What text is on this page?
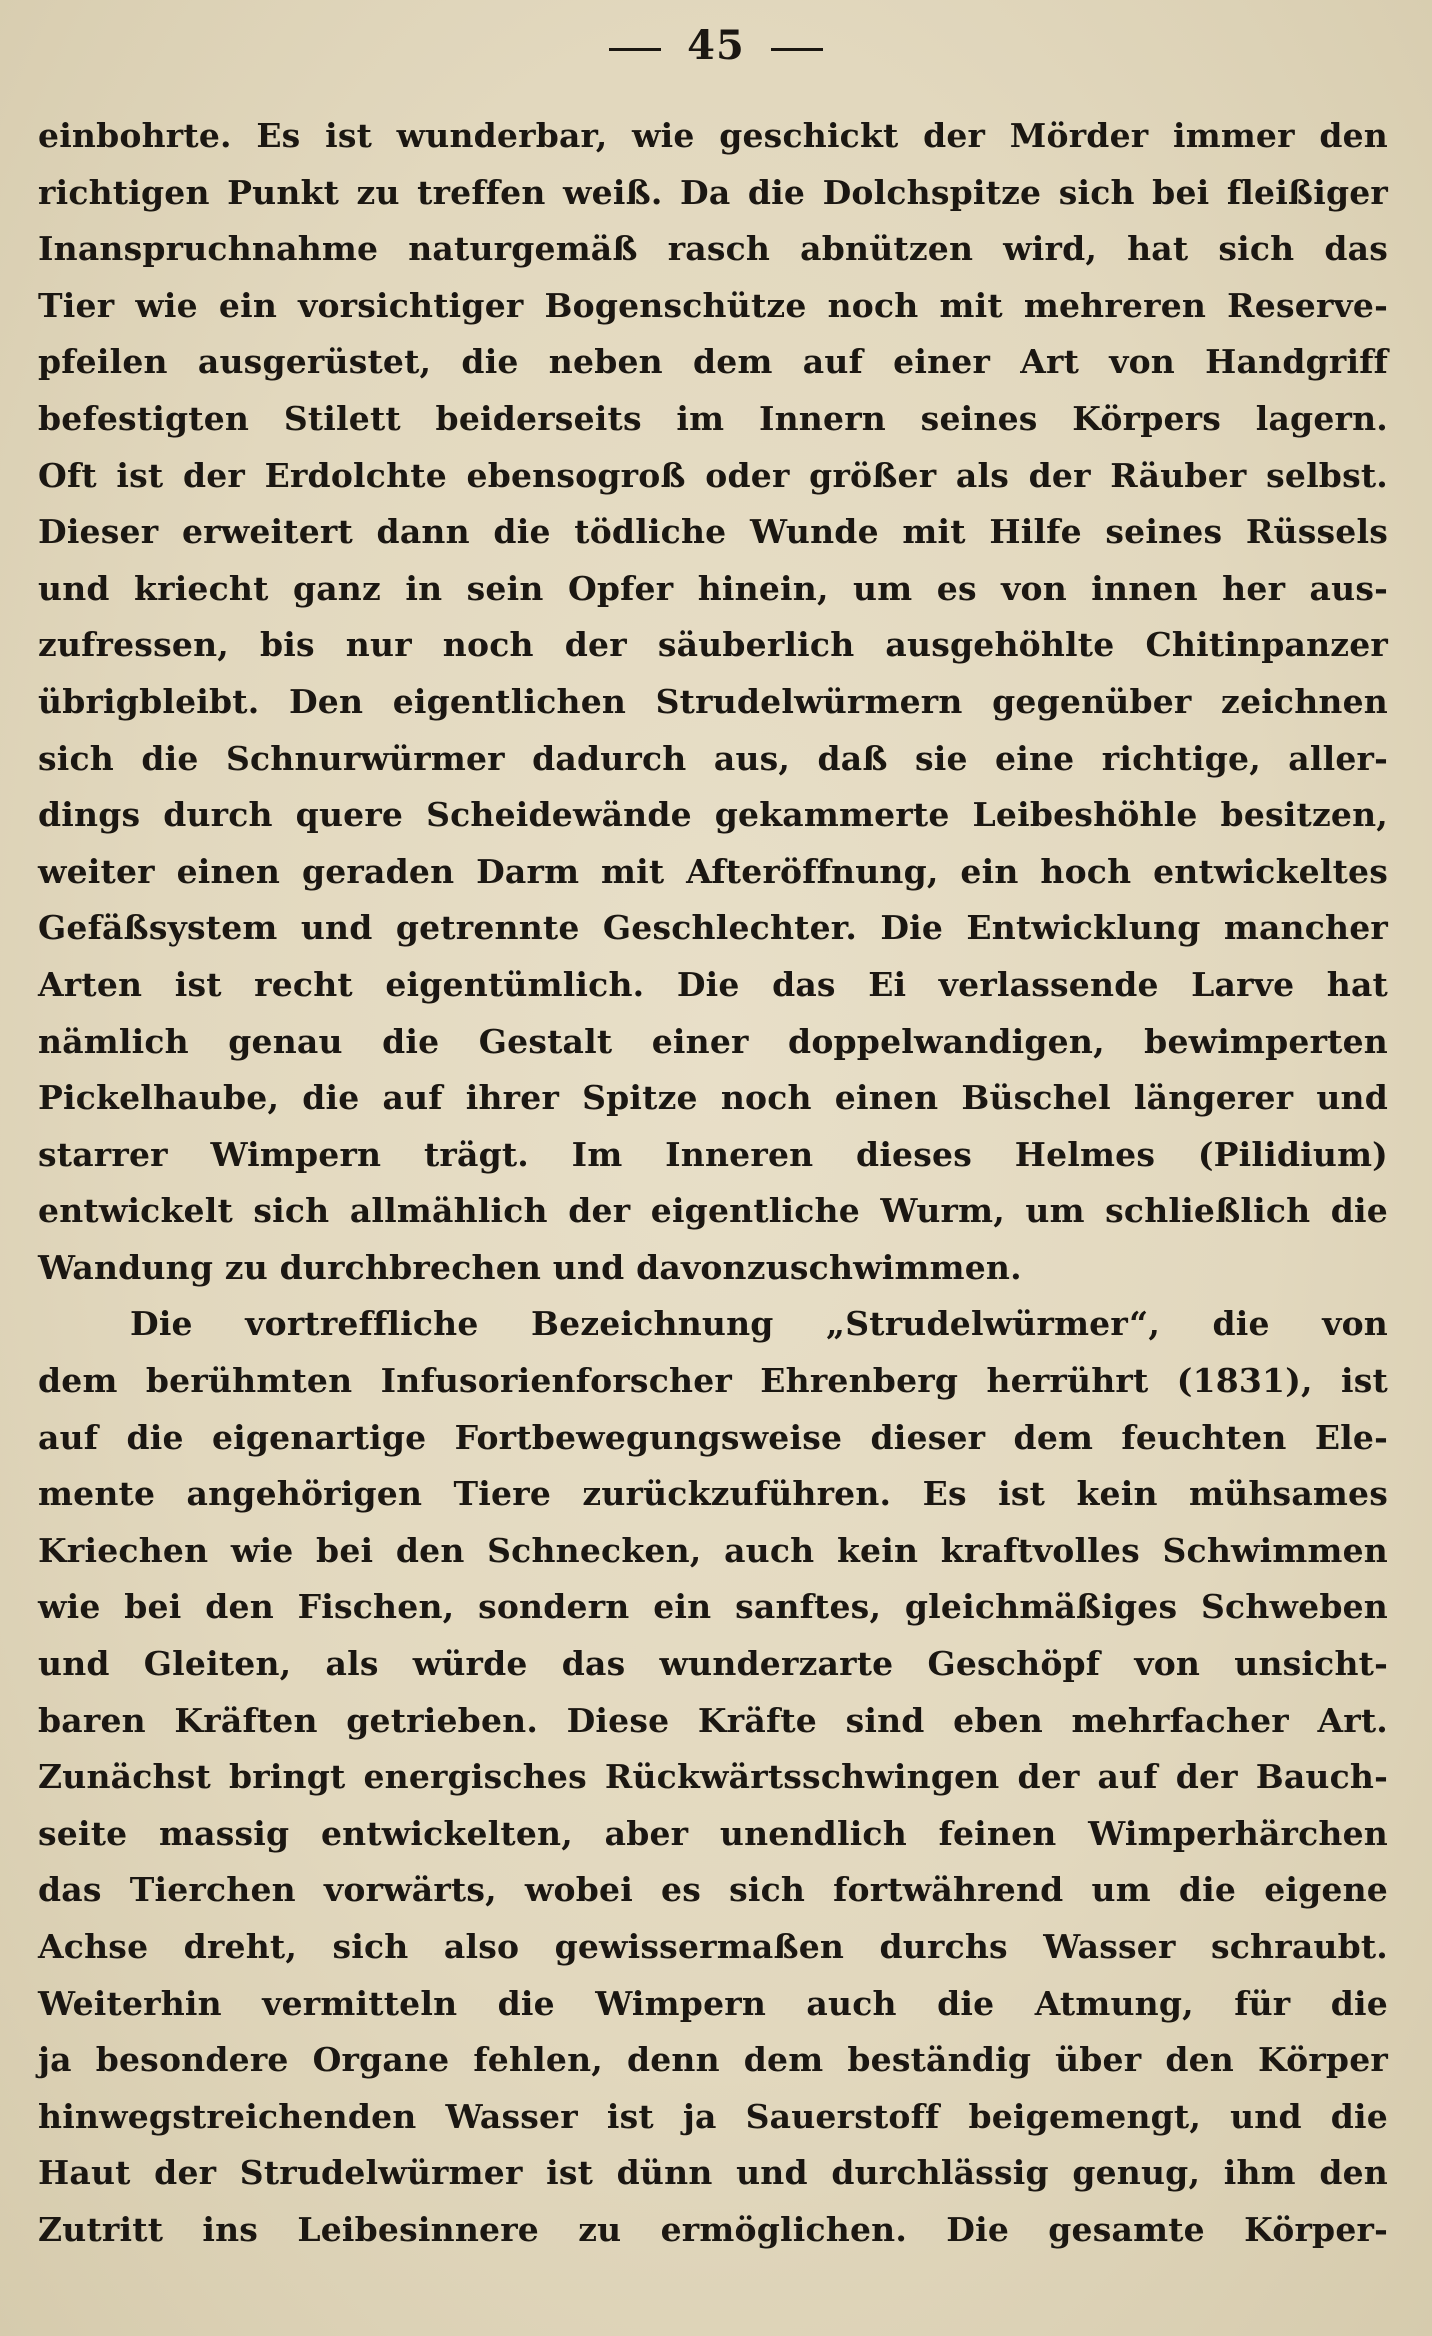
45
einbohrte. Es ist wunderbar, wie geschickt der Mörder immer den
richtigen Punkt zu treffen weiß. Da die Dolchspitze sich bei fleißiger
Inanspruchnahme naturgemäß rasch abnützen wird, hat sich das
Tier wie ein vorsichtiger Bogenschütze noch mit mehreren Reserve-
pfeilen ausgerüstet, die neben dem auf einer Art von Handgriff
befestigten Stilett beiderseits im Innern seines Körpers lagern.
Oft ist der Erdolchte ebensogroß oder größer als der Räuber selbst.
Dieser erweitert dann die tödliche Wunde mit Hilfe seines Rüssels
und kriecht ganz in sein Opfer hinein, um es von innen her aus-
zufressen, bis nur noch der säuberlich ausgehöhlte Chitinpanzer
übrigbleibt. Den eigentlichen Strudelwürmern gegenüber zeichnen
sich die Schnurwürmer dadurch aus, daß sie eine richtige, aller-
dings durch quere Scheidewände gekammerte Leibeshöhle besitzen,
weiter einen geraden Darm mit Afteröffnung, ein hoch entwickeltes
Gefäßsystem und getrennte Geschlechter. Die Entwicklung mancher
Arten ist recht eigentümlich. Die das Ei verlassende Larve hat
nämlich genau die Gestalt einer doppelwandigen, bewimperten
Pickelhaube, die auf ihrer Spitze noch einen Büschel längerer und
starrer Wimpern trägt. Im Inneren dieses Helmes (Pilidium)
entwickelt sich allmählich der eigentliche Wurm, um schließlich die
Wandung zu durchbrechen und davonzuschwimmen.
Die vortreffliche Bezeichnung „Strudelwürmer“, die von
dem berühmten Infusorienforscher Ehrenberg herrührt (1831), ist
auf die eigenartige Fortbewegungsweise dieser dem feuchten Ele-
mente angehörigen Tiere zurückzuführen. Es ist kein mühsames
Kriechen wie bei den Schnecken, auch kein kraftvolles Schwimmen
wie bei den Fischen, sondern ein sanftes, gleichmäßiges Schweben
und Gleiten, als würde das wunderzarte Geschöpf von unsicht-
baren Kräften getrieben. Diese Kräfte sind eben mehrfacher Art.
Zunächst bringt energisches Rückwärtsschwingen der auf der Bauch-
seite massig entwickelten, aber unendlich feinen Wimperhärchen
das Tierchen vorwärts, wobei es sich fortwährend um die eigene
Achse dreht, sich also gewissermaßen durchs Wasser schraubt.
Weiterhin vermitteln die Wimpern auch die Atmung, für die
ja besondere Organe fehlen, denn dem beständig über den Körper
hinwegstreichenden Wasser ist ja Sauerstoff beigemengt, und die
Haut der Strudelwürmer ist dünn und durchlässig genug, ihm den
Zutritt ins Leibesinnere zu ermöglichen. Die gesamte Körper-
